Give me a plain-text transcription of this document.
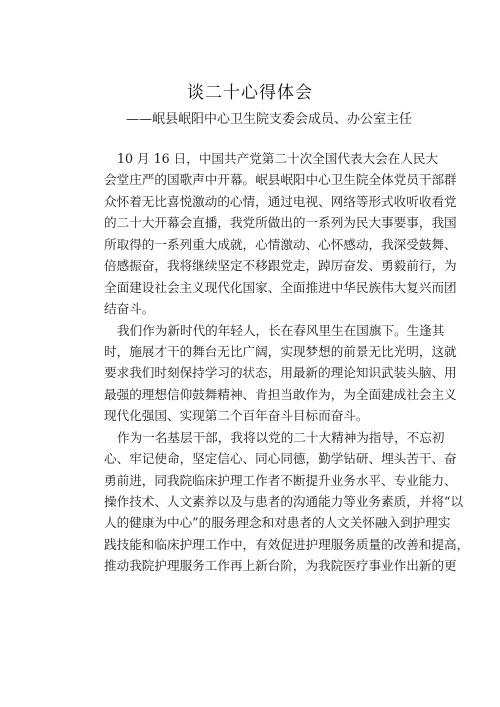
谈二十心得体会
——岷县岷阳中心卫生院支委会成员、办公室主任
10 月 16 日，中国共产党第二十次全国代表大会在人民大
会堂庄严的国歌声中开幕。岷县岷阳中心卫生院全体党员干部群
众怀着无比喜悦激动的心情，通过电视、网络等形式收听收看党
的二十大开幕会直播，我党所做出的一系列为民大事要事，我国
所取得的一系列重大成就，心情激动、心怀感动，我深受鼓舞、
倍感振奋，我将继续坚定不移跟党走，踔厉奋发、勇毅前行，为
全面建设社会主义现代化国家、全面推进中华民族伟大复兴而团
结奋斗。
我们作为新时代的年轻人，长在春风里生在国旗下。生逢其
时，施展才干的舞台无比广阔，实现梦想的前景无比光明，这就
要求我们时刻保持学习的状态，用最新的理论知识武装头脑、用
最强的理想信仰鼓舞精神、肯担当敢作为，为全面建成社会主义
现代化强国、实现第二个百年奋斗目标而奋斗。
作为一名基层干部，我将以党的二十大精神为指导，不忘初
心、牢记使命，坚定信心、同心同德，勤学钻研、埋头苦干、奋
勇前进，同我院临床护理工作者不断提升业务水平、专业能力、
操作技术、人文素养以及与患者的沟通能力等业务素质，并将“以
人的健康为中心”的服务理念和对患者的人文关怀融入到护理实
践技能和临床护理工作中，有效促进护理服务质量的改善和提高，
推动我院护理服务工作再上新台阶，为我院医疗事业作出新的更
